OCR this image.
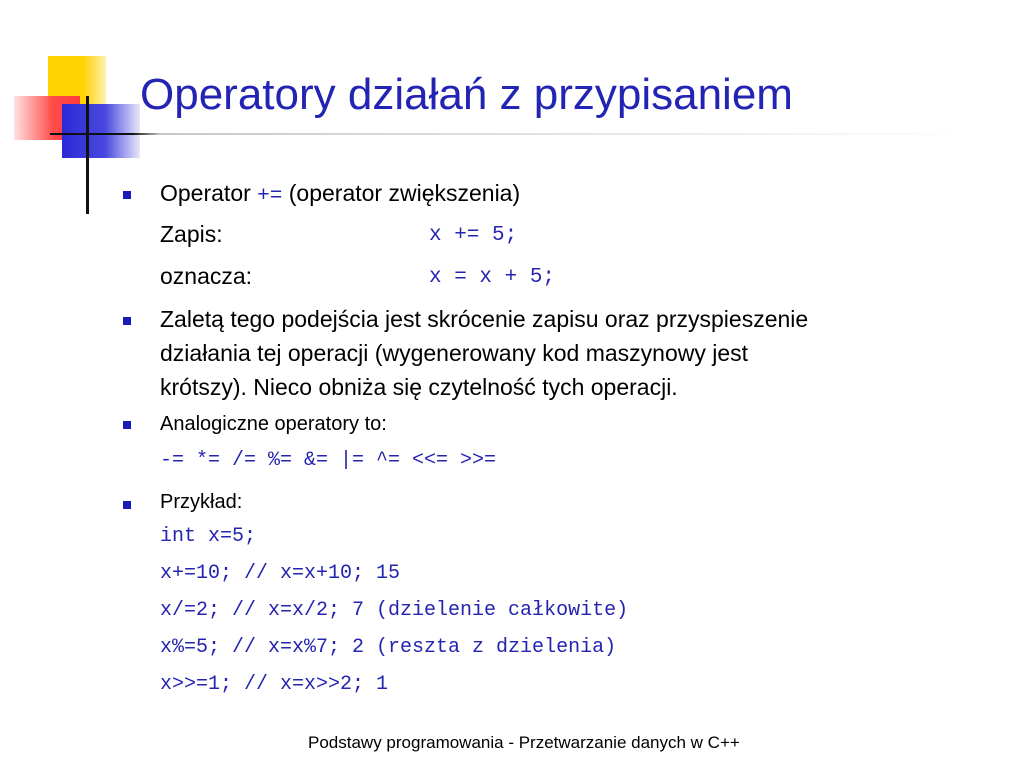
Operatory działań z przypisaniem
Operator += (operator zwiększenia)
Zapis:	x += 5;
oznacza:	x = x + 5;
Zaletą tego podejścia jest skrócenie zapisu oraz przyspieszenie
działania tej operacji (wygenerowany kod maszynowy jest
krótszy). Nieco obniża się czytelność tych operacji.
Analogiczne operatory to:
-= *= /= %= &= |= ^= <<= >>=
Przykład:
int x=5;
x+=10; // x=x+10; 15
x/=2; // x=x/2; 7 (dzielenie całkowite)
x%=5; // x=x%7; 2 (reszta z dzielenia)
x>>=1; // x=x>>2; 1
Podstawy programowania - Przetwarzanie danych w C++
